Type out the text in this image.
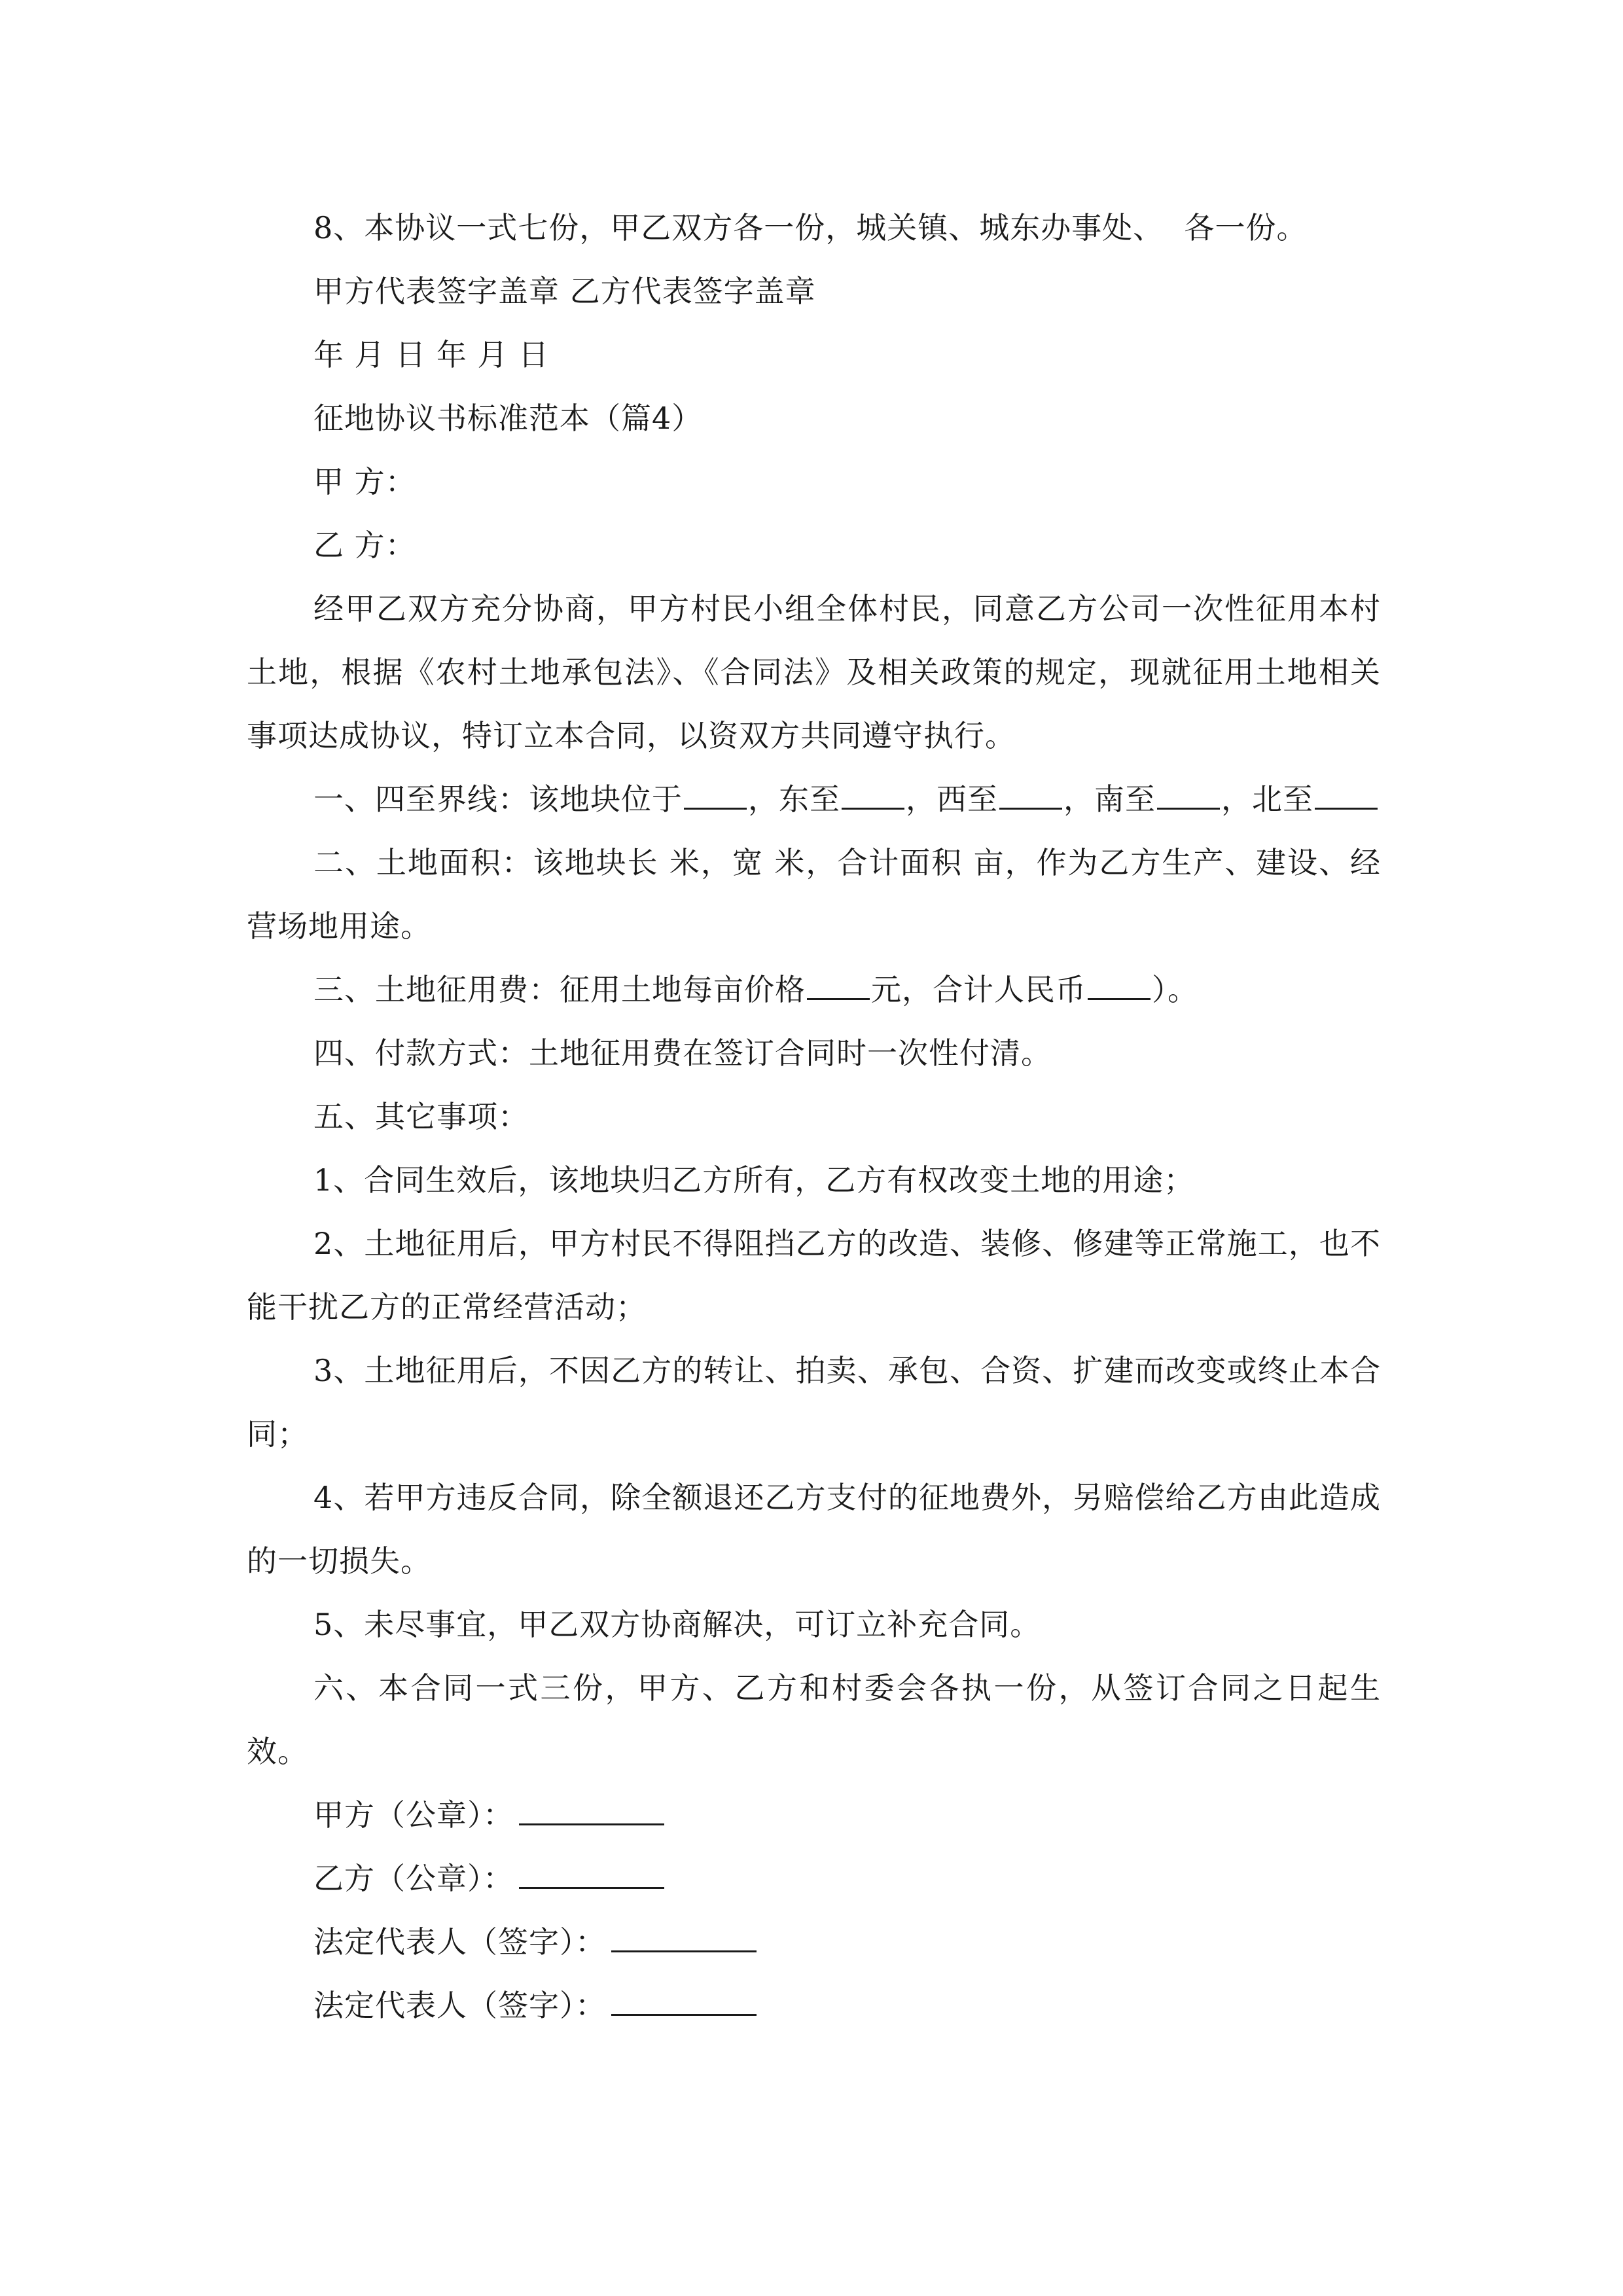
8、本协议一式七份，甲乙双方各一份，城关镇、城东办事处、  各一份。

甲方代表签字盖章 乙方代表签字盖章

年 月 日 年 月 日

征地协议书标准范本（篇4）

甲 方：

乙 方：

经甲乙双方充分协商，甲方村民小组全体村民，同意乙方公司一次性征用本村土地，根据《农村土地承包法》、《合同法》及相关政策的规定，现就征用土地相关事项达成协议，特订立本合同，以资双方共同遵守执行。

一、四至界线：该地块位于 ，东至 ，西至 ，南至 ，北至

二、土地面积：该地块长 米，宽 米，合计面积 亩，作为乙方生产、建设、经营场地用途。

三、土地征用费：征用土地每亩价格 元，合计人民币 ）。

四、付款方式：土地征用费在签订合同时一次性付清。

五、其它事项：

1、合同生效后，该地块归乙方所有，乙方有权改变土地的用途；

2、土地征用后，甲方村民不得阻挡乙方的改造、装修、修建等正常施工，也不能干扰乙方的正常经营活动；

3、土地征用后，不因乙方的转让、拍卖、承包、合资、扩建而改变或终止本合同；

4、若甲方违反合同，除全额退还乙方支付的征地费外，另赔偿给乙方由此造成的一切损失。

5、未尽事宜，甲乙双方协商解决，可订立补充合同。

六、本合同一式三份，甲方、乙方和村委会各执一份，从签订合同之日起生效。

甲方（公章）：

乙方（公章）：

法定代表人（签字）：

法定代表人（签字）：
